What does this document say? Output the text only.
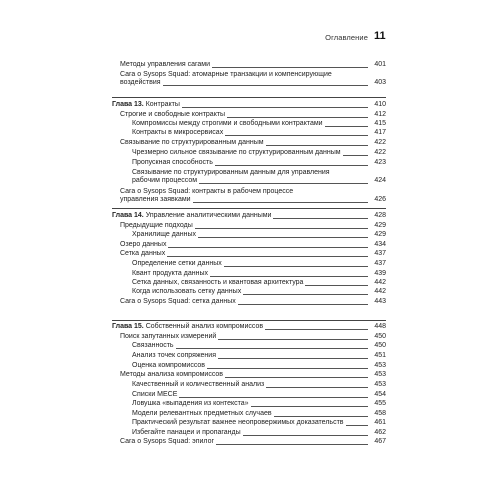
Оглавление 11
Методы управления сагами	401
Сага о Sysops Squad: атомарные транзакции и компенсирующие
воздействия	403
Глава 13. Контракты	410
Строгие и свободные контракты	412
Компромиссы между строгими и свободными контрактами	415
Контракты в микросервисах	417
Связывание по структурированным данным	422
Чрезмерно сильное связывание по структурированным данным	422
Пропускная способность	423
Связывание по структурированным данным для управления
рабочим процессом	424
Сага о Sysops Squad: контракты в рабочем процессе
управления заявками	426
Глава 14. Управление аналитическими данными	428
Предыдущие подходы	429
Хранилище данных	429
Озеро данных	434
Сетка данных	437
Определение сетки данных	437
Квант продукта данных	439
Сетка данных, связанность и квантовая архитектура	442
Когда использовать сетку данных	442
Сага о Sysops Squad: сетка данных	443
Глава 15. Собственный анализ компромиссов	448
Поиск запутанных измерений	450
Связанность	450
Анализ точек сопряжения	451
Оценка компромиссов	453
Методы анализа компромиссов	453
Качественный и количественный анализ	453
Списки MECE	454
Ловушка «выпадения из контекста»	455
Модели релевантных предметных случаев	458
Практический результат важнее неопровержимых доказательств	461
Избегайте панацеи и пропаганды	462
Сага о Sysops Squad: эпилог	467
